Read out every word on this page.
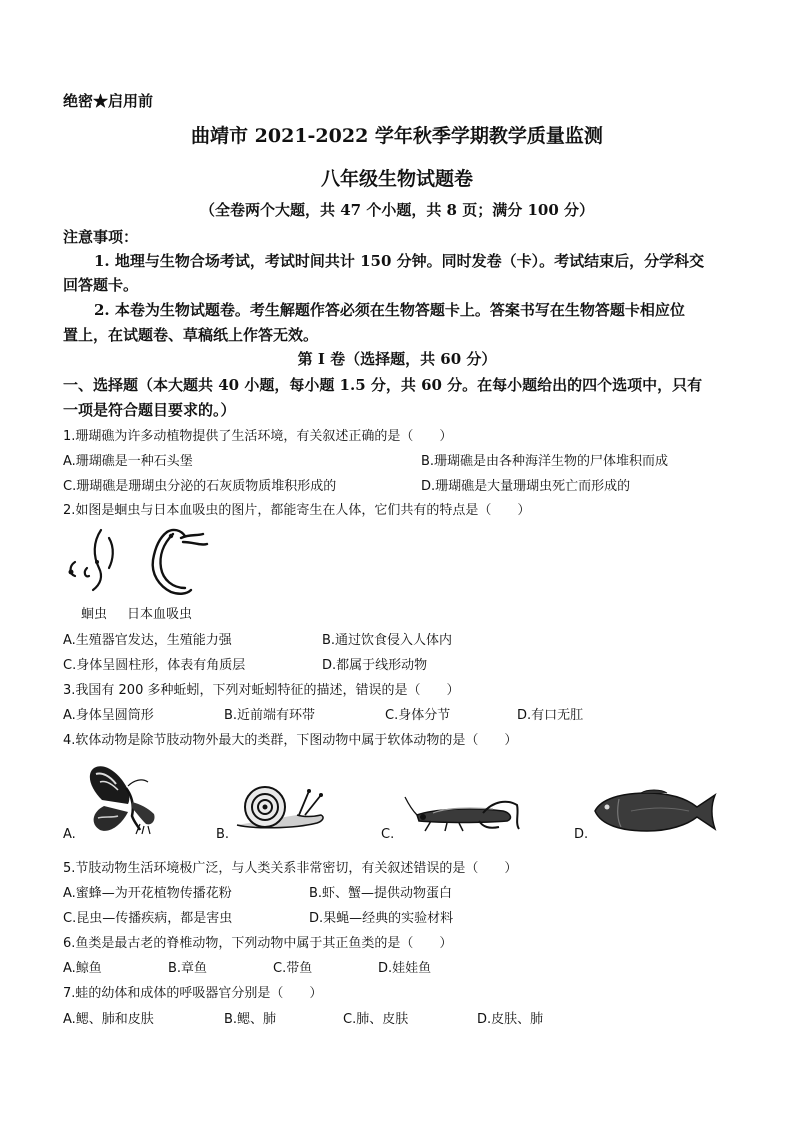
绝密★启用前
曲靖市 2021-2022 学年秋季学期教学质量监测
八年级生物试题卷
（全卷两个大题，共 47 个小题，共 8 页；满分 100 分）
注意事项：
1. 地理与生物合场考试，考试时间共计 150 分钟。同时发卷（卡）。考试结束后，分学科交
回答题卡。
2. 本卷为生物试题卷。考生解题作答必须在生物答题卡上。答案书写在生物答题卡相应位
置上，在试题卷、草稿纸上作答无效。
第 I 卷（选择题，共 60 分）
一、选择题（本大题共 40 小题，每小题 1.5 分，共 60 分。在每小题给出的四个选项中，只有
一项是符合题目要求的。）
1.珊瑚礁为许多动植物提供了生活环境，有关叙述正确的是（　　）
A.珊瑚礁是一种石头堡	B.珊瑚礁是由各种海洋生物的尸体堆积而成
C.珊瑚礁是珊瑚虫分泌的石灰质物质堆积形成的	D.珊瑚礁是大量珊瑚虫死亡而形成的
2.如图是蛔虫与日本血吸虫的图片，都能寄生在人体，它们共有的特点是（　　）
蛔虫 日本血吸虫
A.生殖器官发达，生殖能力强	B.通过饮食侵入人体内
C.身体呈圆柱形，体表有角质层	D.都属于线形动物
3.我国有 200 多种蚯蚓，下列对蚯蚓特征的描述，错误的是（　　）
A.身体呈圆筒形	B.近前端有环带	C.身体分节	D.有口无肛
4.软体动物是除节肢动物外最大的类群，下图动物中属于软体动物的是（　　）
A.	B.	C.	D.
5.节肢动物生活环境极广泛，与人类关系非常密切，有关叙述错误的是（　　）
A.蜜蜂—为开花植物传播花粉	B.虾、蟹—提供动物蛋白
C.昆虫—传播疾病，都是害虫	D.果蝇—经典的实验材料
6.鱼类是最古老的脊椎动物，下列动物中属于其正鱼类的是（　　）
A.鲸鱼	B.章鱼	C.带鱼	D.娃娃鱼
7.蛙的幼体和成体的呼吸器官分别是（　　）
A.鳃、肺和皮肤	B.鳃、肺	C.肺、皮肤	D.皮肤、肺
